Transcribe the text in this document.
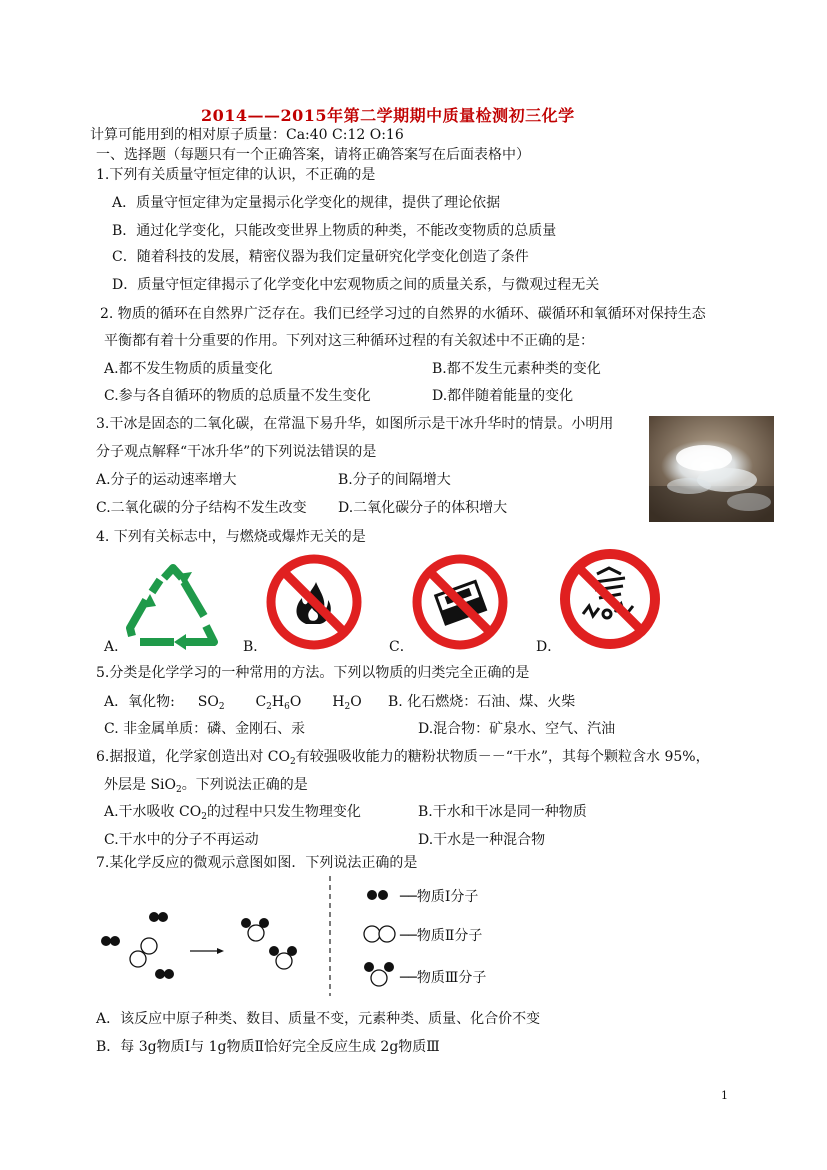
2014——2015年第二学期期中质量检测初三化学
计算可能用到的相对原子质量：Ca:40 C:12 O:16
一、选择题（每题只有一个正确答案，请将正确答案写在后面表格中）
1.下列有关质量守恒定律的认识，不正确的是
A．质量守恒定律为定量揭示化学变化的规律，提供了理论依据
B．通过化学变化，只能改变世界上物质的种类，不能改变物质的总质量
C．随着科技的发展，精密仪器为我们定量研究化学变化创造了条件
D．质量守恒定律揭示了化学变化中宏观物质之间的质量关系，与微观过程无关
2. 物质的循环在自然界广泛存在。我们已经学习过的自然界的水循环、碳循环和氧循环对保持生态
平衡都有着十分重要的作用。下列对这三种循环过程的有关叙述中不正确的是：
A.都不发生物质的质量变化	B.都不发生元素种类的变化
C.参与各自循环的物质的总质量不发生变化	D.都伴随着能量的变化
3.干冰是固态的二氧化碳，在常温下易升华，如图所示是干冰升华时的情景。小明用
分子观点解释“干冰升华”的下列说法错误的是
A.分子的运动速率增大	B.分子的间隔增大
C.二氧化碳的分子结构不发生改变 D.二氧化碳分子的体积增大
4. 下列有关标志中，与燃烧或爆炸无关的是
A．	B．	C．	D．
5.分类是化学学习的一种常用的方法。下列以物质的归类完全正确的是
A．氧化物: $SO_2$ $C_2H_6O$ $H_2O$ B. 化石燃烧：石油、煤、火柴
C. 非金属单质：磷、金刚石、汞	D.混合物：矿泉水、空气、汽油
6.据报道，化学家创造出对 $CO_2$有较强吸收能力的糖粉状物质－－“干水”，其每个颗粒含水 95%，
外层是 SiO$_2$。下列说法正确的是
A.干水吸收 $CO_2$的过程中只发生物理变化	B.干水和干冰是同一种物质
C.干水中的分子不再运动	D.干水是一种混合物
7.某化学反应的微观示意图如图．下列说法正确的是
──物质Ⅰ分子
──物质Ⅱ分子
──物质Ⅲ分子
A．该反应中原子种类、数目、质量不变，元素种类、质量、化合价不变
B．每 3g物质Ⅰ与 1g物质Ⅱ恰好完全反应生成 2g物质Ⅲ
1
